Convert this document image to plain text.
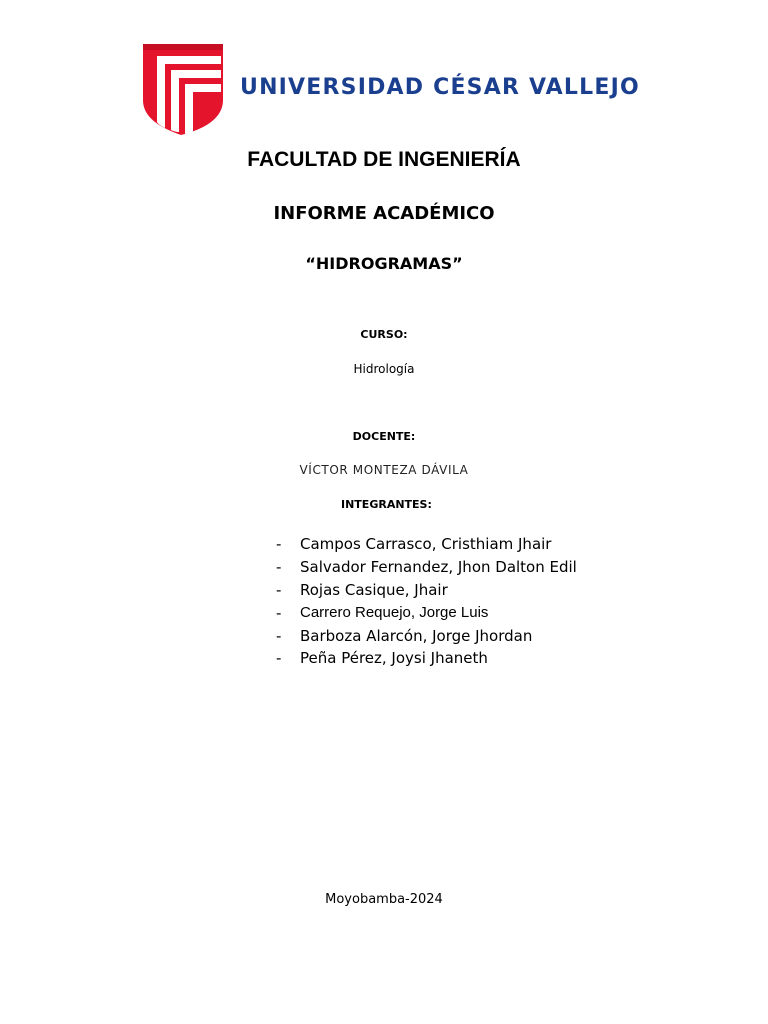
UNIVERSIDAD CÉSAR VALLEJO
FACULTAD DE INGENIERÍA
INFORME ACADÉMICO
“HIDROGRAMAS”
CURSO:
Hidrología
DOCENTE:
VÍCTOR MONTEZA DÁVILA
INTEGRANTES:
- Campos Carrasco, Cristhiam Jhair
- Salvador Fernandez, Jhon Dalton Edil
- Rojas Casique, Jhair
- Carrero Requejo, Jorge Luis
- Barboza Alarcón, Jorge Jhordan
- Peña Pérez, Joysi Jhaneth
Moyobamba-2024
